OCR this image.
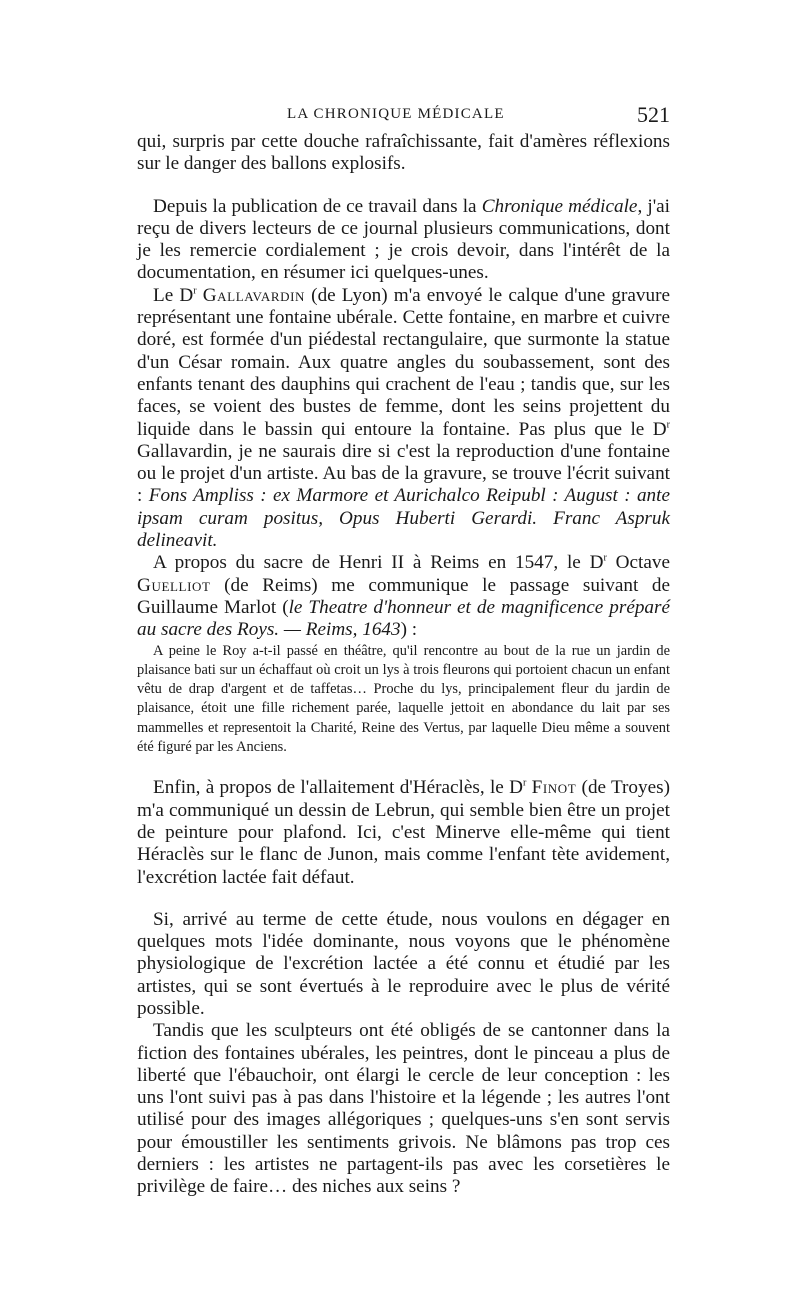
LA CHRONIQUE MÉDICALE	521

qui, surpris par cette douche rafraîchissante, fait d'amères réflexions sur le danger des ballons explosifs.

Depuis la publication de ce travail dans la Chronique médicale, j'ai reçu de divers lecteurs de ce journal plusieurs communications, dont je les remercie cordialement ; je crois devoir, dans l'intérêt de la documentation, en résumer ici quelques-unes.

Le $D^r$ Gallavardin (de Lyon) m'a envoyé le calque d'une gravure représentant une fontaine ubérale. Cette fontaine, en marbre et cuivre doré, est formée d'un piédestal rectangulaire, que surmonte la statue d'un César romain. Aux quatre angles du soubassement, sont des enfants tenant des dauphins qui crachent de l'eau ; tandis que, sur les faces, se voient des bustes de femme, dont les seins projettent du liquide dans le bassin qui entoure la fontaine. Pas plus que le $D^r$ Gallavardin, je ne saurais dire si c'est la reproduction d'une fontaine ou le projet d'un artiste. Au bas de la gravure, se trouve l'écrit suivant : Fons Ampliss : ex Marmore et Aurichalco Reipubl : August : ante ipsam curam positus, Opus Huberti Gerardi. Franc Aspruk delineavit.

A propos du sacre de Henri II à Reims en 1547, le $D^r$ Octave Guelliot (de Reims) me communique le passage suivant de Guillaume Marlot (le Theatre d'honneur et de magnificence préparé au sacre des Roys. — Reims, 1643) :

A peine le Roy a-t-il passé en théâtre, qu'il rencontre au bout de la rue un jardin de plaisance bati sur un échaffaut où croit un lys à trois fleurons qui portoient chacun un enfant vêtu de drap d'argent et de taffetas… Proche du lys, principalement fleur du jardin de plaisance, étoit une fille richement parée, laquelle jettoit en abondance du lait par ses mammelles et representoit la Charité, Reine des Vertus, par laquelle Dieu même a souvent été figuré par les Anciens.

Enfin, à propos de l'allaitement d'Héraclès, le $D^r$ Finot (de Troyes) m'a communiqué un dessin de Lebrun, qui semble bien être un projet de peinture pour plafond. Ici, c'est Minerve elle-même qui tient Héraclès sur le flanc de Junon, mais comme l'enfant tète avidement, l'excrétion lactée fait défaut.

Si, arrivé au terme de cette étude, nous voulons en dégager en quelques mots l'idée dominante, nous voyons que le phénomène physiologique de l'excrétion lactée a été connu et étudié par les artistes, qui se sont évertués à le reproduire avec le plus de vérité possible.

Tandis que les sculpteurs ont été obligés de se cantonner dans la fiction des fontaines ubérales, les peintres, dont le pinceau a plus de liberté que l'ébauchoir, ont élargi le cercle de leur conception : les uns l'ont suivi pas à pas dans l'histoire et la légende ; les autres l'ont utilisé pour des images allégoriques ; quelques-uns s'en sont servis pour émoustiller les sentiments grivois. Ne blâmons pas trop ces derniers : les artistes ne partagent-ils pas avec les corsetières le privilège de faire… des niches aux seins ?
